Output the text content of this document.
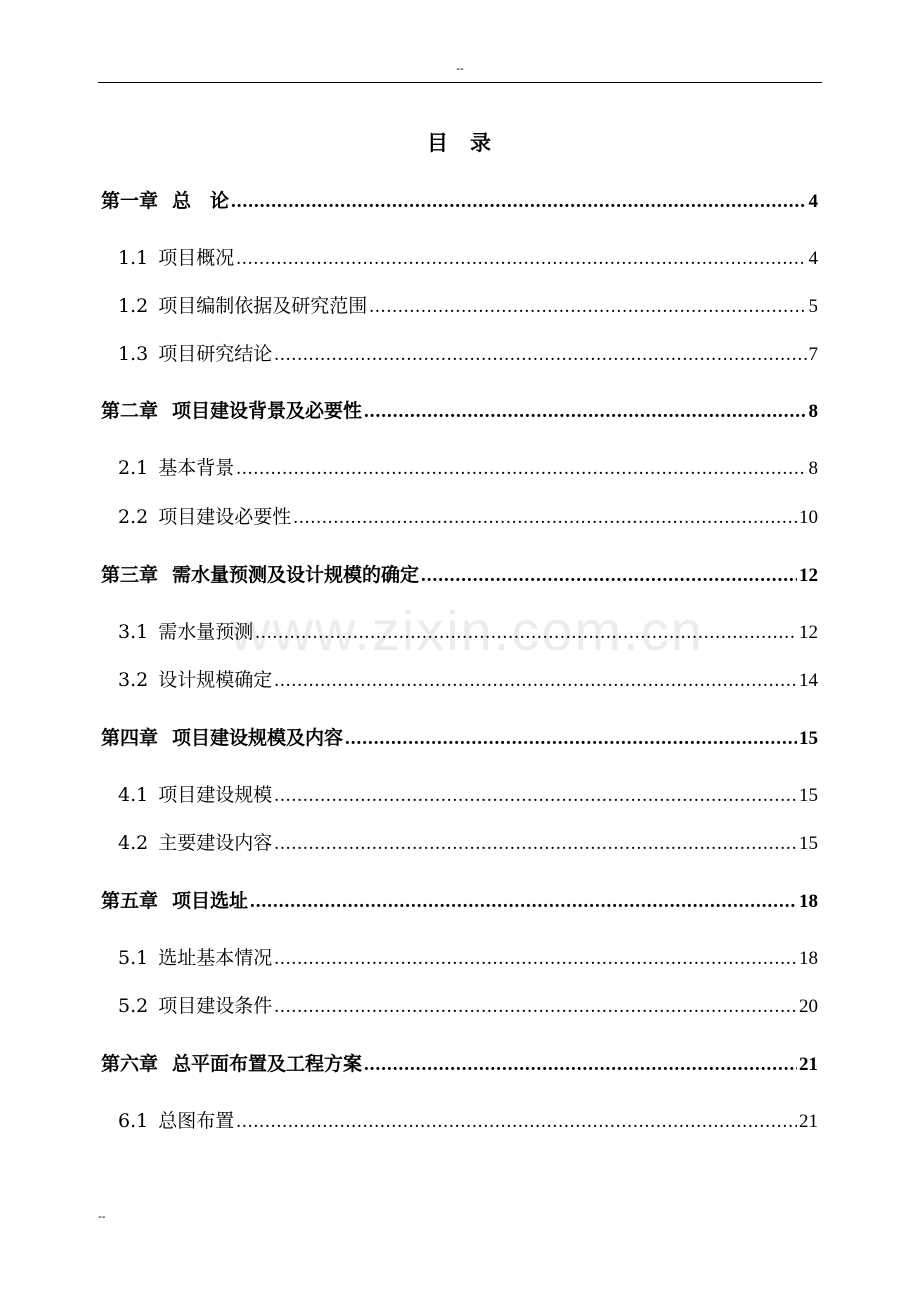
--
目 录
www.zixin.com.cn
第一章 总　论 .....	4
1.1 项目概况 .....	4
1.2 项目编制依据及研究范围 .....	5
1.3 项目研究结论 .....	7
第二章 项目建设背景及必要性 .....	8
2.1 基本背景 .....	8
2.2 项目建设必要性 .....	10
第三章 需水量预测及设计规模的确定 .....	12
3.1 需水量预测 .....	12
3.2 设计规模确定 .....	14
第四章 项目建设规模及内容 .....	15
4.1 项目建设规模 .....	15
4.2 主要建设内容 .....	15
第五章 项目选址 .....	18
5.1 选址基本情况 .....	18
5.2 项目建设条件 .....	20
第六章 总平面布置及工程方案 .....	21
6.1 总图布置 .....	21
--
